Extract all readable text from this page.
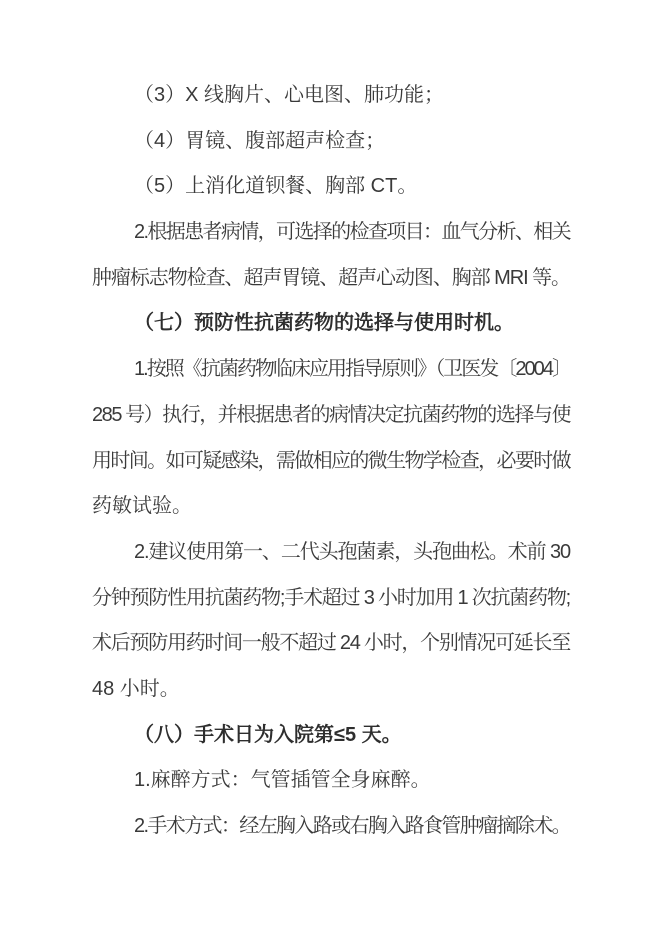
（3）X 线胸片、心电图、肺功能；
（4）胃镜、腹部超声检查；
（5）上消化道钡餐、胸部 CT。
2.根据患者病情，可选择的检查项目：血气分析、相关
肿瘤标志物检查、超声胃镜、超声心动图、胸部 MRI 等。
（七）预防性抗菌药物的选择与使用时机。
1.按照《抗菌药物临床应用指导原则》（卫医发〔2004〕
285 号）执行，并根据患者的病情决定抗菌药物的选择与使
用时间。如可疑感染，需做相应的微生物学检查，必要时做
药敏试验。
2.建议使用第一、二代头孢菌素，头孢曲松。术前 30
分钟预防性用抗菌药物;手术超过 3 小时加用 1 次抗菌药物;
术后预防用药时间一般不超过 24 小时，个别情况可延长至
48 小时。
（八）手术日为入院第≤5 天。
1.麻醉方式：气管插管全身麻醉。
2.手术方式：经左胸入路或右胸入路食管肿瘤摘除术。
